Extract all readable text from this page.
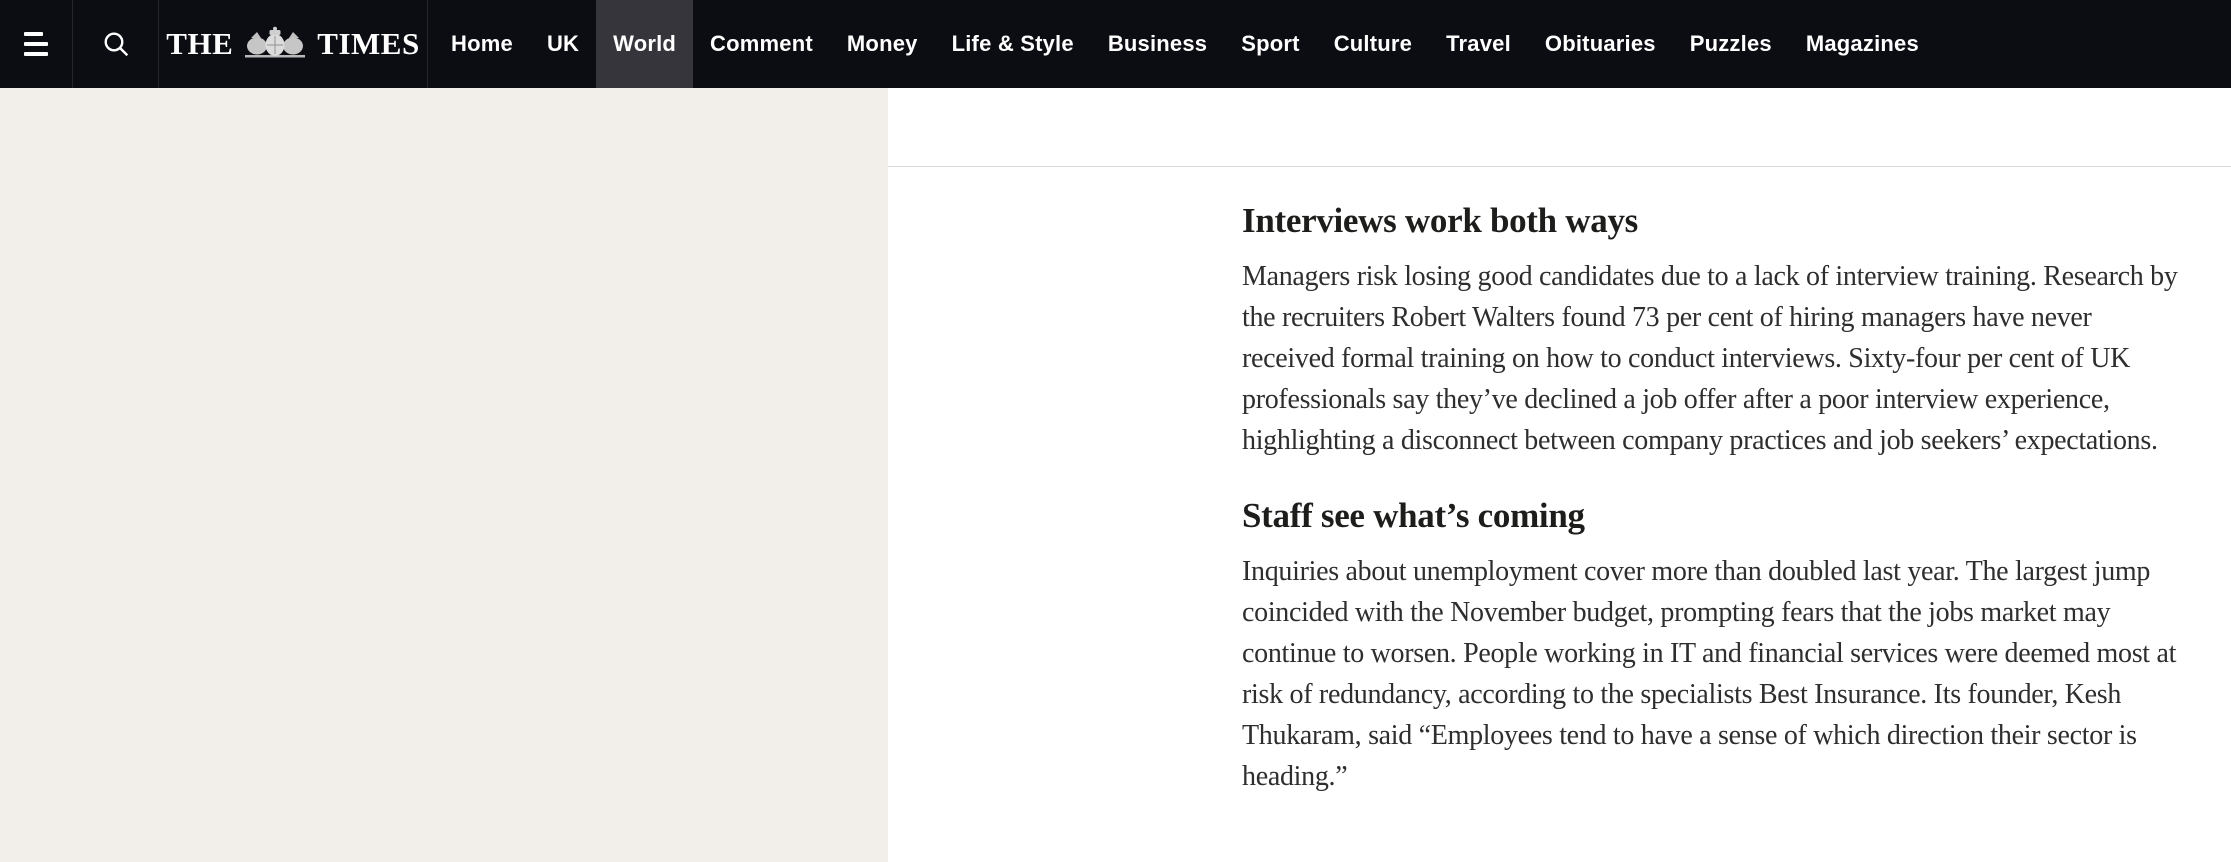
THE	TIMES Home UK World Comment Money Life & Style Business Sport Culture Travel Obituaries Puzzles Magazines
Interviews work both ways

Managers risk losing good candidates due to a lack of interview training. Research by the recruiters Robert Walters found 73 per cent of hiring managers have never received formal training on how to conduct interviews. Sixty-four per cent of UK professionals say they’ve declined a job offer after a poor interview experience, highlighting a disconnect between company practices and job seekers’ expectations.

Staff see what’s coming

Inquiries about unemployment cover more than doubled last year. The largest jump coincided with the November budget, prompting fears that the jobs market may continue to worsen. People working in IT and financial services were deemed most at risk of redundancy, according to the specialists Best Insurance. Its founder, Kesh Thukaram, said “Employees tend to have a sense of which direction their sector is heading.”
